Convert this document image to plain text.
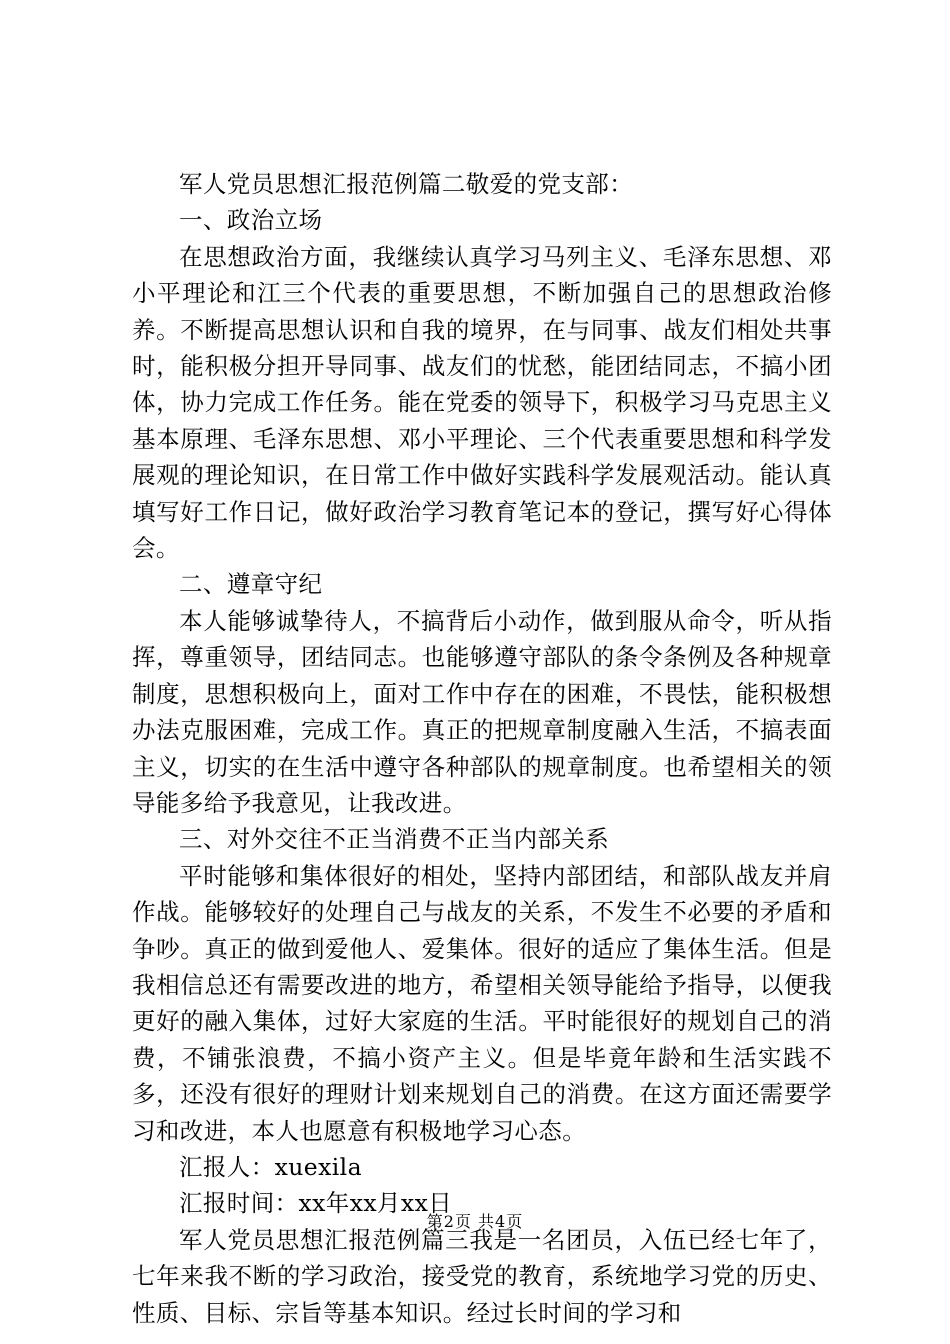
军人党员思想汇报范例篇二敬爱的党支部：

一、政治立场

在思想政治方面，我继续认真学习马列主义、毛泽东思想、邓小平理论和江三个代表的重要思想，不断加强自己的思想政治修养。不断提高思想认识和自我的境界，在与同事、战友们相处共事时，能积极分担开导同事、战友们的忧愁，能团结同志，不搞小团体，协力完成工作任务。能在党委的领导下，积极学习马克思主义基本原理、毛泽东思想、邓小平理论、三个代表重要思想和科学发展观的理论知识，在日常工作中做好实践科学发展观活动。能认真填写好工作日记，做好政治学习教育笔记本的登记，撰写好心得体会。

二、遵章守纪

本人能够诚挚待人，不搞背后小动作，做到服从命令，听从指挥，尊重领导，团结同志。也能够遵守部队的条令条例及各种规章制度，思想积极向上，面对工作中存在的困难，不畏怯，能积极想办法克服困难，完成工作。真正的把规章制度融入生活，不搞表面主义，切实的在生活中遵守各种部队的规章制度。也希望相关的领导能多给予我意见，让我改进。

三、对外交往不正当消费不正当内部关系

平时能够和集体很好的相处，坚持内部团结，和部队战友并肩作战。能够较好的处理自己与战友的关系，不发生不必要的矛盾和争吵。真正的做到爱他人、爱集体。很好的适应了集体生活。但是我相信总还有需要改进的地方，希望相关领导能给予指导，以便我更好的融入集体，过好大家庭的生活。平时能很好的规划自己的消费，不铺张浪费，不搞小资产主义。但是毕竟年龄和生活实践不多，还没有很好的理财计划来规划自己的消费。在这方面还需要学习和改进，本人也愿意有积极地学习心态。

汇报人：xuexila

汇报时间：xx年xx月xx日

军人党员思想汇报范例篇三我是一名团员，入伍已经七年了，七年来我不断的学习政治，接受党的教育，系统地学习党的历史、性质、目标、宗旨等基本知识。经过长时间的学习和

第2页 共4页
